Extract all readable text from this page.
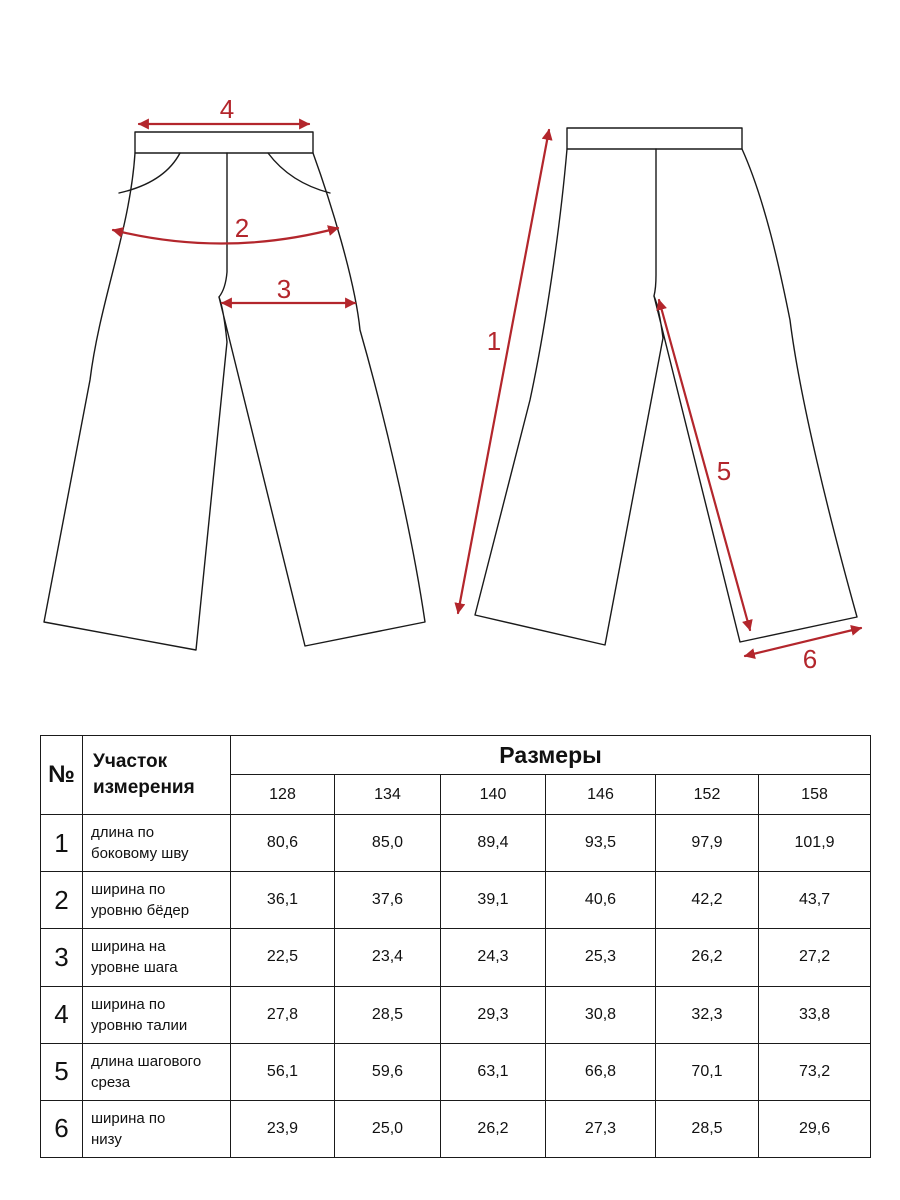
4
2
3
1
5
6
№	Участок
измерения	Размеры					
		128	134	140	146	152	158
1	длина по
боковому шву	80,6	85,0	89,4	93,5	97,9	101,9
2	ширина по
уровню бёдер	36,1	37,6	39,1	40,6	42,2	43,7
3	ширина на
уровне шага	22,5	23,4	24,3	25,3	26,2	27,2
4	ширина по
уровню талии	27,8	28,5	29,3	30,8	32,3	33,8
5	длина шагового
среза	56,1	59,6	63,1	66,8	70,1	73,2
6	ширина по
низу	23,9	25,0	26,2	27,3	28,5	29,6
